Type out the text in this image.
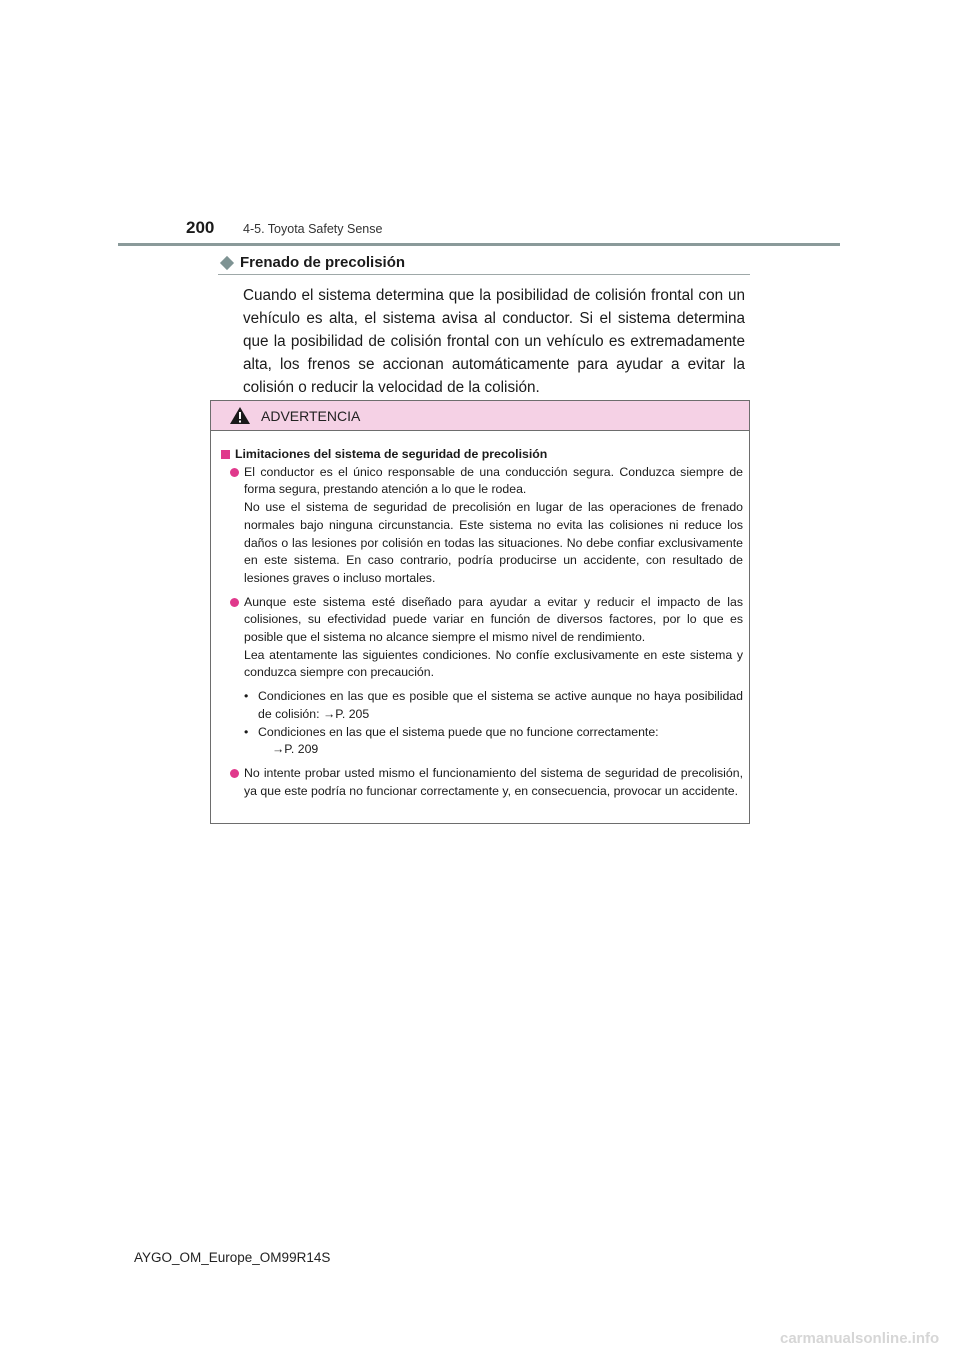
200 4-5. Toyota Safety Sense
Frenado de precolisión

Cuando el sistema determina que la posibilidad de colisión frontal con un vehículo es alta, el sistema avisa al conductor. Si el sistema determina que la posibilidad de colisión frontal con un vehículo es extremadamente alta, los frenos se accionan automáticamente para ayudar a evitar la colisión o reducir la velocidad de la colisión.

ADVERTENCIA
Limitaciones del sistema de seguridad de precolisión

El conductor es el único responsable de una conducción segura. Conduzca siempre de forma segura, prestando atención a lo que le rodea.

No use el sistema de seguridad de precolisión en lugar de las operaciones de frenado normales bajo ninguna circunstancia. Este sistema no evita las colisiones ni reduce los daños o las lesiones por colisión en todas las situaciones. No debe confiar exclusivamente en este sistema. En caso contrario, podría producirse un accidente, con resultado de lesiones graves o incluso mortales.

Aunque este sistema esté diseñado para ayudar a evitar y reducir el impacto de las colisiones, su efectividad puede variar en función de diversos factores, por lo que es posible que el sistema no alcance siempre el mismo nivel de rendimiento.

Lea atentamente las siguientes condiciones. No confíe exclusivamente en este sistema y conduzca siempre con precaución.

• Condiciones en las que es posible que el sistema se active aunque no haya posibilidad de colisión: →P. 205

• Condiciones en las que el sistema puede que no funcione correctamente:

→P. 209

No intente probar usted mismo el funcionamiento del sistema de seguridad de precolisión, ya que este podría no funcionar correctamente y, en consecuencia, provocar un accidente.

AYGO_OM_Europe_OM99R14S
carmanualsonline.info
